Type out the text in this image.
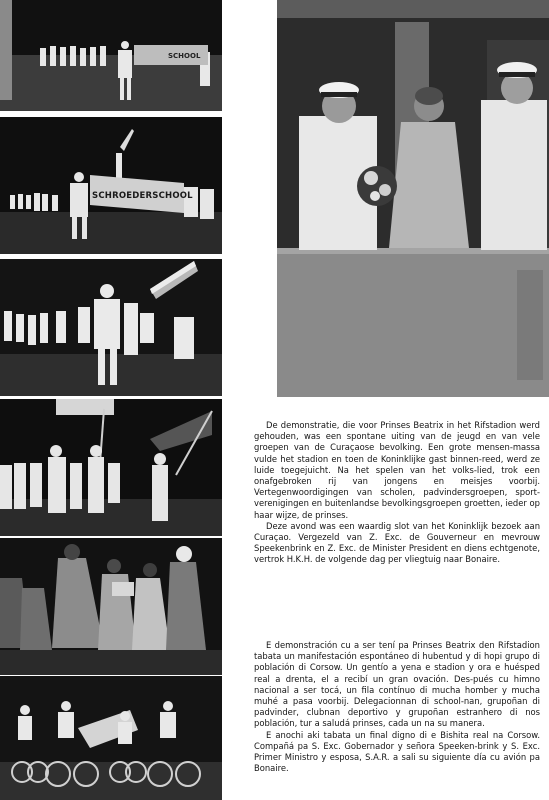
SCHOOL
SCHROEDERSCHOOL

De demonstratie, die voor Prinses Beatrix in het Rifstadion werd gehouden, was een spontane uiting van de jeugd en van vele groepen van de Curaçaose bevolking. Een grote mensen-massa vulde het stadion en toen de Koninklijke gast binnen-reed, werd ze luide toegejuicht. Na het spelen van het volks-lied, trok een onafgebroken rij van jongens en meisjes voorbij. Vertegenwoordigingen van scholen, padvindersgroepen, sport-verenigingen en buitenlandse bevolkingsgroepen groetten, ieder op haar wijze, de prinses.

Deze avond was een waardig slot van het Koninklijk bezoek aan Curaçao. Vergezeld van Z. Exc. de Gouverneur en mevrouw Speekenbrink en Z. Exc. de Minister President en diens echtgenote, vertrok H.K.H. de volgende dag per vliegtuig naar Bonaire.

E demonstración cu a ser tení pa Prinses Beatrix den Rifstadion tabata un manifestación espontáneo di hubentud y di hopi grupo di población di Corsow. Un gentío a yena e stadion y ora e huésped real a drenta, el a recibí un gran ovación. Des-pués cu himno nacional a ser tocá, un fila contínuo di mucha homber y mucha muhé a pasa voorbij. Delegacionnan di school-nan, grupoñan di padvinder, clubnan deportivo y grupoñan estranhero di nos población, tur a saludá prinses, cada un na su manera.

E anochi aki tabata un final digno di e Bishita real na Corsow. Compañá pa S. Exc. Gobernador y señora Speeken-brink y S. Exc. Primer Ministro y esposa, S.A.R. a sali su siguiente día cu avión pa Bonaire.
